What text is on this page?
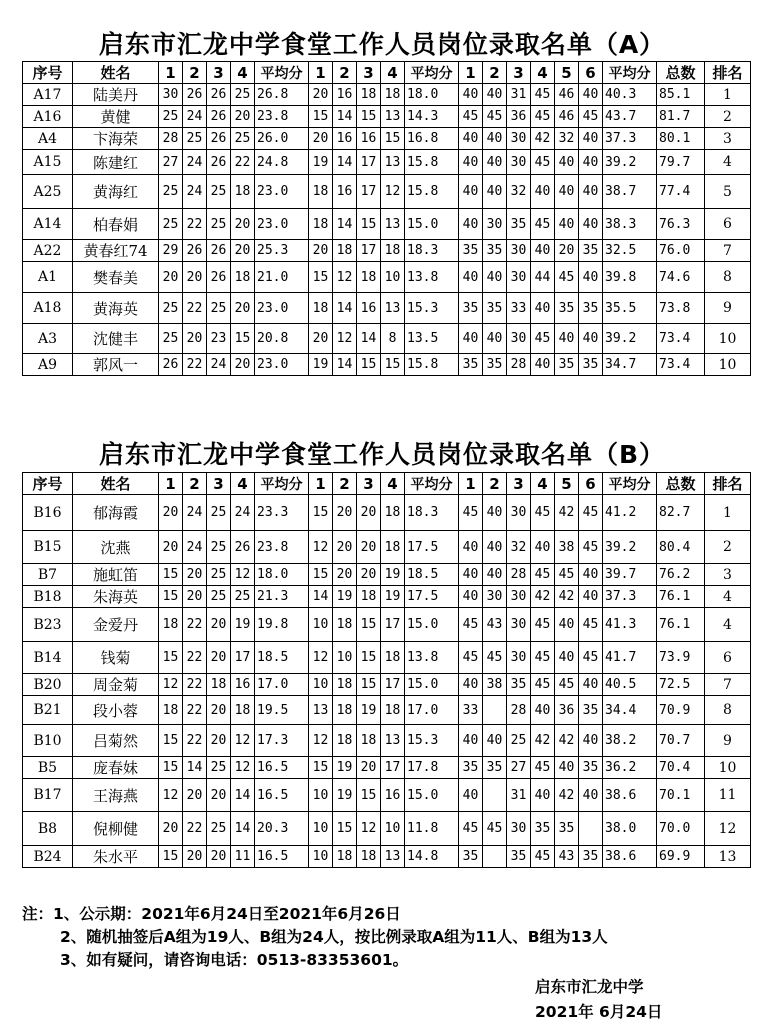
启东市汇龙中学食堂工作人员岗位录取名单（A）
序号	姓名	1	2	3	4	平均分	1	2	3	4	平均分	1	2	3	4	5	6	平均分	总数	排名
A17	陆美丹	30	26	26	25	26.8	20	16	18	18	18.0	40	40	31	45	46	40	40.3	85.1	1
A16	黄健	25	24	26	20	23.8	15	14	15	13	14.3	45	45	36	45	46	45	43.7	81.7	2
A4	卞海荣	28	25	26	25	26.0	20	16	16	15	16.8	40	40	30	42	32	40	37.3	80.1	3
A15	陈建红	27	24	26	22	24.8	19	14	17	13	15.8	40	40	30	45	40	40	39.2	79.7	4
A25	黄海红	25	24	25	18	23.0	18	16	17	12	15.8	40	40	32	40	40	40	38.7	77.4	5
A14	柏春娟	25	22	25	20	23.0	18	14	15	13	15.0	40	30	35	45	40	40	38.3	76.3	6
A22	黄春红74	29	26	26	20	25.3	20	18	17	18	18.3	35	35	30	40	20	35	32.5	76.0	7
A1	樊春美	20	20	26	18	21.0	15	12	18	10	13.8	40	40	30	44	45	40	39.8	74.6	8
A18	黄海英	25	22	25	20	23.0	18	14	16	13	15.3	35	35	33	40	35	35	35.5	73.8	9
A3	沈健丰	25	20	23	15	20.8	20	12	14	8	13.5	40	40	30	45	40	40	39.2	73.4	10
A9	郭风一	26	22	24	20	23.0	19	14	15	15	15.8	35	35	28	40	35	35	34.7	73.4	10
启东市汇龙中学食堂工作人员岗位录取名单（B）
序号	姓名	1	2	3	4	平均分	1	2	3	4	平均分	1	2	3	4	5	6	平均分	总数	排名
B16	郁海霞	20	24	25	24	23.3	15	20	20	18	18.3	45	40	30	45	42	45	41.2	82.7	1
B15	沈燕	20	24	25	26	23.8	12	20	20	18	17.5	40	40	32	40	38	45	39.2	80.4	2
B7	施虹笛	15	20	25	12	18.0	15	20	20	19	18.5	40	40	28	45	45	40	39.7	76.2	3
B18	朱海英	15	20	25	25	21.3	14	19	18	19	17.5	40	30	30	42	42	40	37.3	76.1	4
B23	金爱丹	18	22	20	19	19.8	10	18	15	17	15.0	45	43	30	45	40	45	41.3	76.1	4
B14	钱菊	15	22	20	17	18.5	12	10	15	18	13.8	45	45	30	45	40	45	41.7	73.9	6
B20	周金菊	12	22	18	16	17.0	10	18	15	17	15.0	40	38	35	45	45	40	40.5	72.5	7
B21	段小蓉	18	22	20	18	19.5	13	18	19	18	17.0	33		28	40	36	35	34.4	70.9	8
B10	吕菊然	15	22	20	12	17.3	12	18	18	13	15.3	40	40	25	42	42	40	38.2	70.7	9
B5	庞春妹	15	14	25	12	16.5	15	19	20	17	17.8	35	35	27	45	40	35	36.2	70.4	10
B17	王海燕	12	20	20	14	16.5	10	19	15	16	15.0	40		31	40	42	40	38.6	70.1	11
B8	倪柳健	20	22	25	14	20.3	10	15	12	10	11.8	45	45	30	35	35		38.0	70.0	12
B24	朱水平	15	20	20	11	16.5	10	18	18	13	14.8	35		35	45	43	35	38.6	69.9	13
注：1、公示期：2021年6月24日至2021年6月26日
2、随机抽签后A组为19人、B组为24人，按比例录取A组为11人、B组为13人
3、如有疑问，请咨询电话：0513-83353601。
启东市汇龙中学
2021年 6月24日
